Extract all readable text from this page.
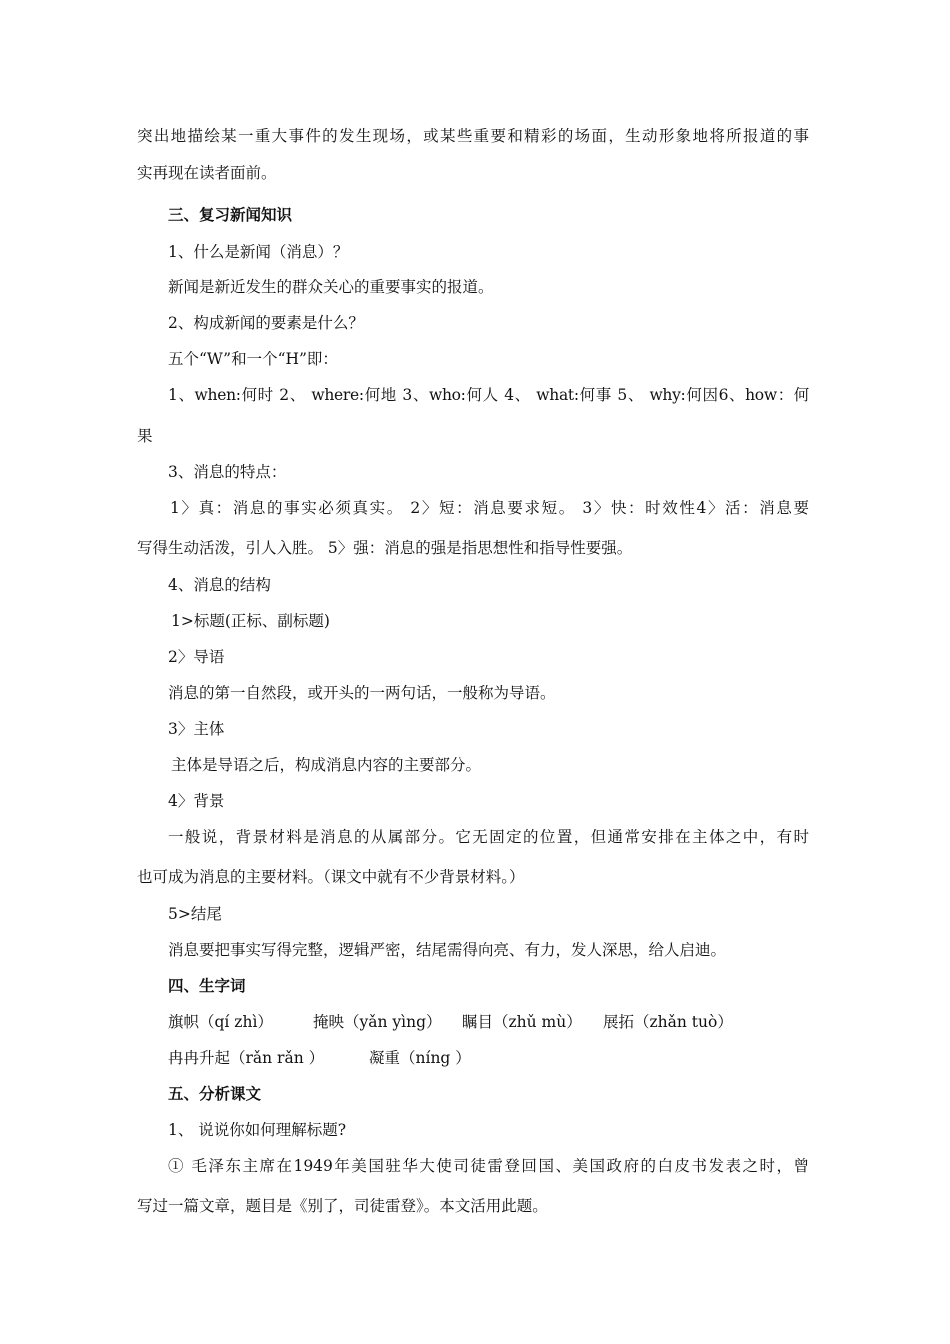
突出地描绘某一重大事件的发生现场，或某些重要和精彩的场面，生动形象地将所报道的事
实再现在读者面前。
三、复习新闻知识
1、什么是新闻（消息）？
新闻是新近发生的群众关心的重要事实的报道。
2、构成新闻的要素是什么？
五个“W”和一个“H”即：
1、when:何时 2、 where:何地 3、who:何人 4、 what:何事 5、 why:何因6、how：何
果
3、消息的特点：
1〉真：消息的事实必须真实。 2〉短：消息要求短。 3〉快：时效性4〉活：消息要
写得生动活泼，引人入胜。 5〉强：消息的强是指思想性和指导性要强。
4、消息的结构
1>标题(正标、副标题)
2〉导语
消息的第一自然段，或开头的一两句话，一般称为导语。
3〉主体
主体是导语之后，构成消息内容的主要部分。
4〉背景
一般说，背景材料是消息的从属部分。它无固定的位置，但通常安排在主体之中，有时
也可成为消息的主要材料。（课文中就有不少背景材料。）
5>结尾
消息要把事实写得完整，逻辑严密，结尾需得向亮、有力，发人深思，给人启迪。
四、生字词
旗帜（qí zhì）	掩映（yǎn yìng） 瞩目（zhǔ mù） 展拓（zhǎn tuò）
冉冉升起（rǎn rǎn ）	凝重（níng ）
五、分析课文
1、 说说你如何理解标题?
① 毛泽东主席在1949年美国驻华大使司徒雷登回国、美国政府的白皮书发表之时，曾
写过一篇文章，题目是《别了，司徒雷登》。本文活用此题。
